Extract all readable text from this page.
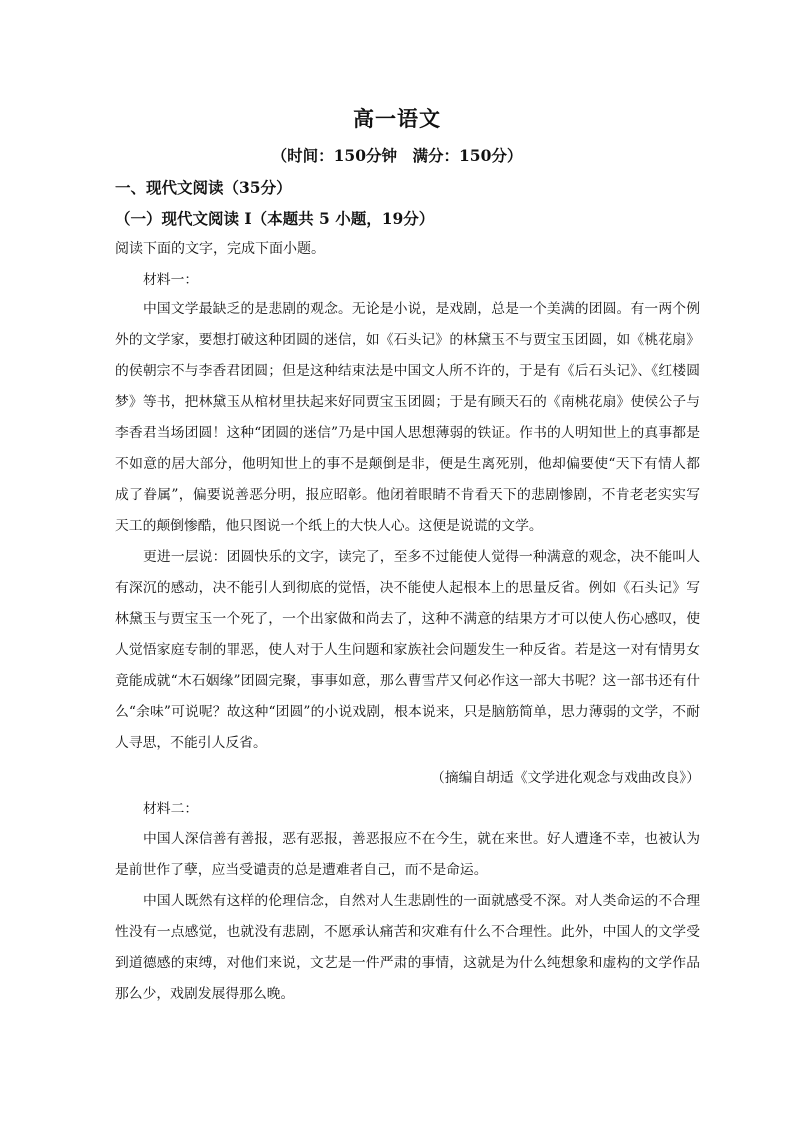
高一语文
（时间：150分钟　满分：150分）
一、现代文阅读（35分）
（一）现代文阅读 I（本题共 5 小题，19分）
阅读下面的文字，完成下面小题。
材料一：

中国文学最缺乏的是悲剧的观念。无论是小说，是戏剧，总是一个美满的团圆。有一两个例外的文学家，要想打破这种团圆的迷信，如《石头记》的林黛玉不与贾宝玉团圆，如《桃花扇》的侯朝宗不与李香君团圆；但是这种结束法是中国文人所不许的，于是有《后石头记》、《红楼圆梦》等书，把林黛玉从棺材里扶起来好同贾宝玉团圆；于是有顾天石的《南桃花扇》使侯公子与李香君当场团圆！这种“团圆的迷信”乃是中国人思想薄弱的铁证。作书的人明知世上的真事都是不如意的居大部分，他明知世上的事不是颠倒是非，便是生离死别，他却偏要使“天下有情人都成了眷属”，偏要说善恶分明，报应昭彰。他闭着眼睛不肯看天下的悲剧惨剧，不肯老老实实写天工的颠倒惨酷，他只图说一个纸上的大快人心。这便是说谎的文学。

更进一层说：团圆快乐的文字，读完了，至多不过能使人觉得一种满意的观念，决不能叫人有深沉的感动，决不能引人到彻底的觉悟，决不能使人起根本上的思量反省。例如《石头记》写林黛玉与贾宝玉一个死了，一个出家做和尚去了，这种不满意的结果方才可以使人伤心感叹，使人觉悟家庭专制的罪恶，使人对于人生问题和家族社会问题发生一种反省。若是这一对有情男女竟能成就“木石姻缘”团圆完聚，事事如意，那么曹雪芹又何必作这一部大书呢？这一部书还有什么“余味”可说呢？故这种“团圆”的小说戏剧，根本说来，只是脑筋简单，思力薄弱的文学，不耐人寻思，不能引人反省。

（摘编自胡适《文学进化观念与戏曲改良》）
材料二：

中国人深信善有善报，恶有恶报，善恶报应不在今生，就在来世。好人遭逢不幸，也被认为是前世作了孽，应当受谴责的总是遭难者自己，而不是命运。

中国人既然有这样的伦理信念，自然对人生悲剧性的一面就感受不深。对人类命运的不合理性没有一点感觉，也就没有悲剧，不愿承认痛苦和灾难有什么不合理性。此外，中国人的文学受到道德感的束缚，对他们来说，文艺是一件严肃的事情，这就是为什么纯想象和虚构的文学作品那么少，戏剧发展得那么晚。
